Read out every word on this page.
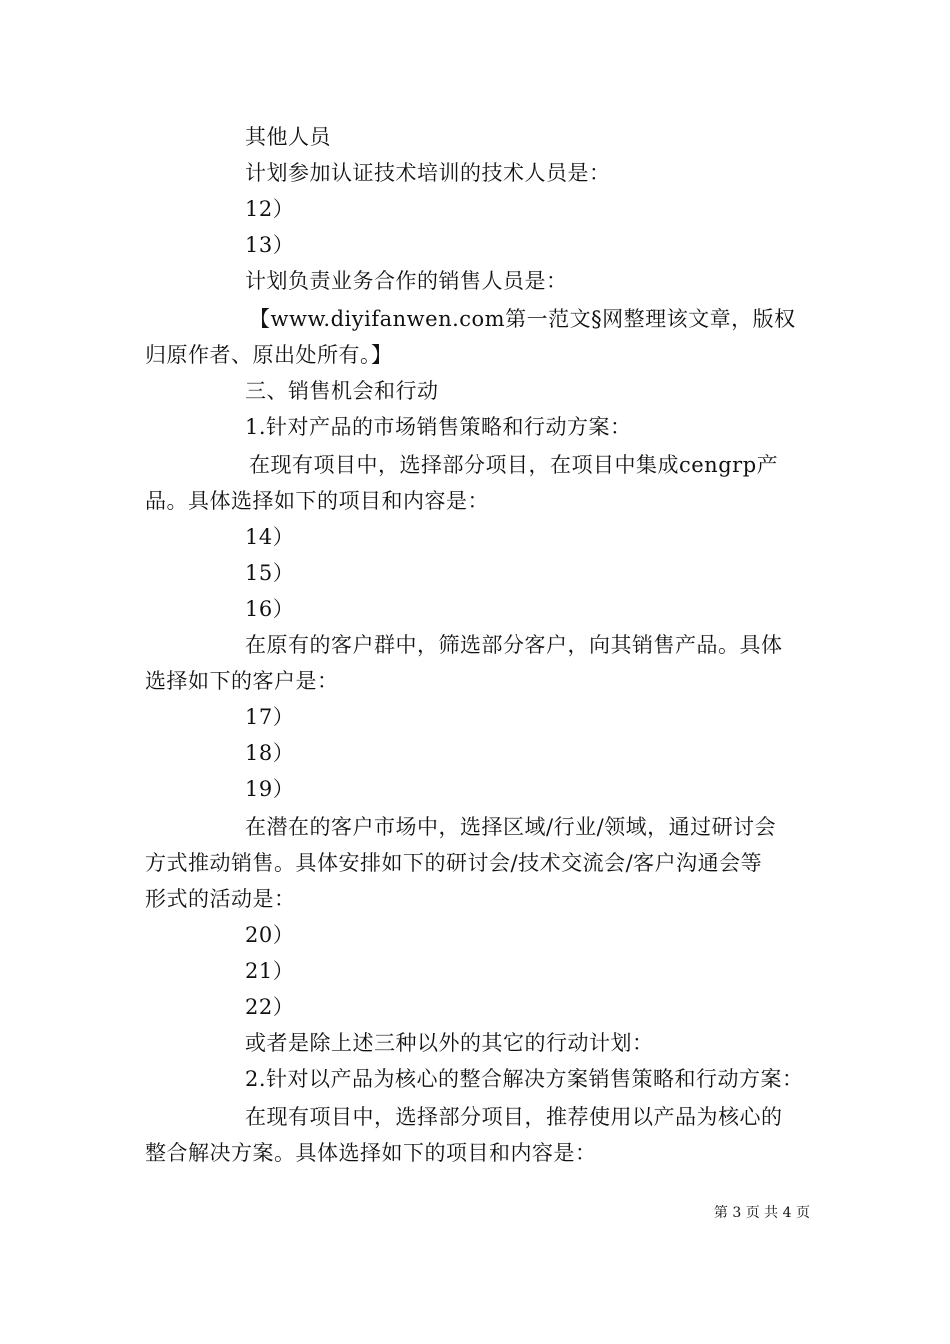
其他人员

计划参加认证技术培训的技术人员是：

12）

13）

计划负责业务合作的销售人员是：

【www.diyifanwen.com第一范文§网整理该文章，版权

归原作者、原出处所有。】

三、销售机会和行动

1.针对产品的市场销售策略和行动方案：

在现有项目中，选择部分项目，在项目中集成cengrp产

品。具体选择如下的项目和内容是：

14）

15）

16）

在原有的客户群中，筛选部分客户，向其销售产品。具体

选择如下的客户是：

17）

18）

19）

在潜在的客户市场中，选择区域/行业/领域，通过研讨会

方式推动销售。具体安排如下的研讨会/技术交流会/客户沟通会等

形式的活动是：

20）

21）

22）

或者是除上述三种以外的其它的行动计划：

2.针对以产品为核心的整合解决方案销售策略和行动方案：

在现有项目中，选择部分项目，推荐使用以产品为核心的

整合解决方案。具体选择如下的项目和内容是：

第 3 页 共 4 页
